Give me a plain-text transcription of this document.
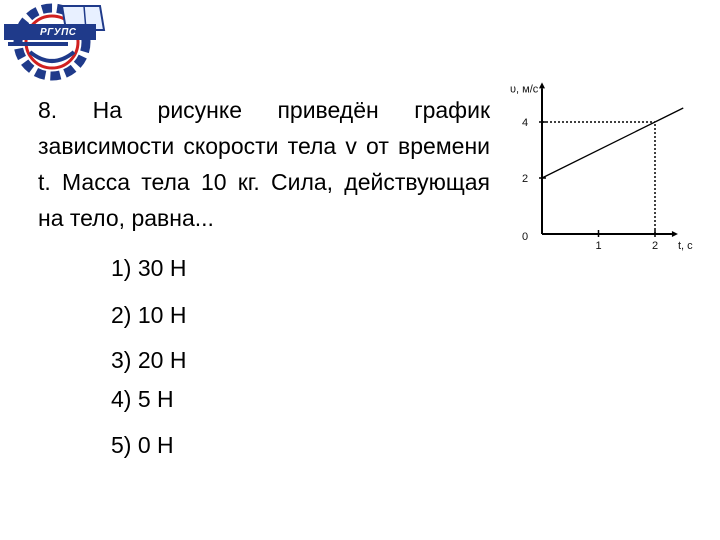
РГУПС
8. На рисунке приведён график зависимости скорости тела v от времени t. Масса тела 10 кг. Сила, действующая на тело, равна...
1) 30 Н
2) 10 Н
3) 20 Н
4) 5 Н
5) 0 Н
1	2
2
4
0
t, c
υ, м/с
